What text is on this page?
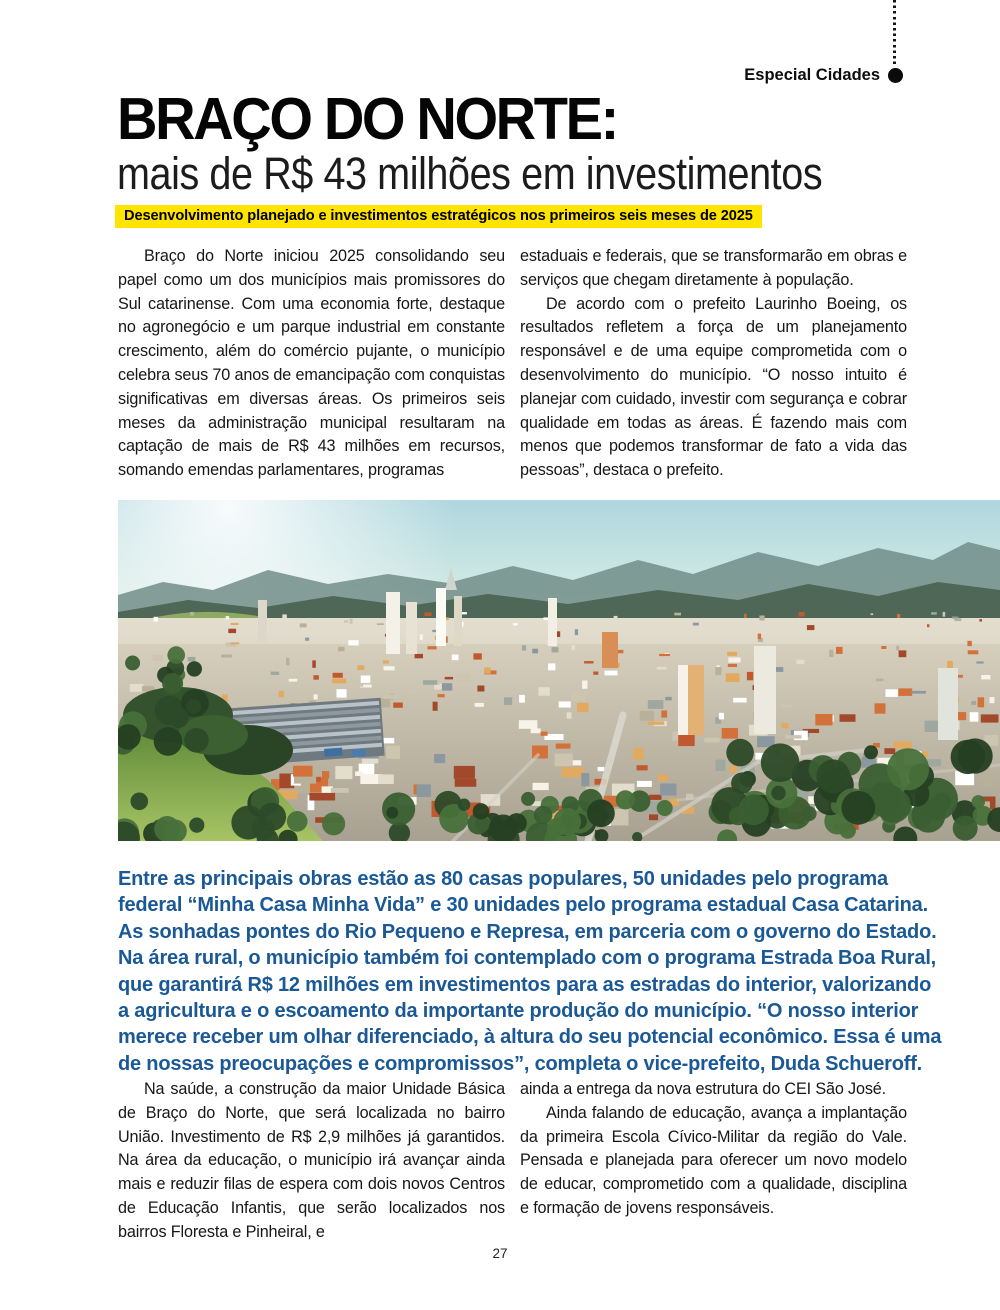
Especial Cidades
BRAÇO DO NORTE:
mais de R$ 43 milhões em investimentos
Desenvolvimento planejado e investimentos estratégicos nos primeiros seis meses de 2025

Braço do Norte iniciou 2025 consolidando seu papel como um dos municípios mais promissores do Sul catarinense. Com uma economia forte, destaque no agronegócio e um parque industrial em constante crescimento, além do comércio pujante, o município celebra seus 70 anos de emancipação com conquistas significativas em diversas áreas. Os primeiros seis meses da administração municipal resultaram na captação de mais de R$ 43 milhões em recursos, somando emendas parlamentares, programas

estaduais e federais, que se transformarão em obras e serviços que chegam diretamente à população.

De acordo com o prefeito Laurinho Boeing, os resultados refletem a força de um planejamento responsável e de uma equipe comprometida com o desenvolvimento do município. “O nosso intuito é planejar com cuidado, investir com segurança e cobrar qualidade em todas as áreas. É fazendo mais com menos que podemos transformar de fato a vida das pessoas”, destaca o prefeito.

Entre as principais obras estão as 80 casas populares, 50 unidades pelo programa federal “Minha Casa Minha Vida” e 30 unidades pelo programa estadual Casa Catarina. As sonhadas pontes do Rio Pequeno e Represa, em parceria com o governo do Estado. Na área rural, o município também foi contemplado com o programa Estrada Boa Rural, que garantirá R$ 12 milhões em investimentos para as estradas do interior, valorizando a agricultura e o escoamento da importante produção do município. “O nosso interior merece receber um olhar diferenciado, à altura do seu potencial econômico. Essa é uma de nossas preocupações e compromissos”, completa o vice-prefeito, Duda Schueroff.

Na saúde, a construção da maior Unidade Básica de Braço do Norte, que será localizada no bairro União. Investimento de R$ 2,9 milhões já garantidos. Na área da educação, o município irá avançar ainda mais e reduzir filas de espera com dois novos Centros de Educação Infantis, que serão localizados nos bairros Floresta e Pinheiral, e

ainda a entrega da nova estrutura do CEI São José.

Ainda falando de educação, avança a implantação da primeira Escola Cívico-Militar da região do Vale. Pensada e planejada para oferecer um novo modelo de educar, comprometido com a qualidade, disciplina e formação de jovens responsáveis.

27
